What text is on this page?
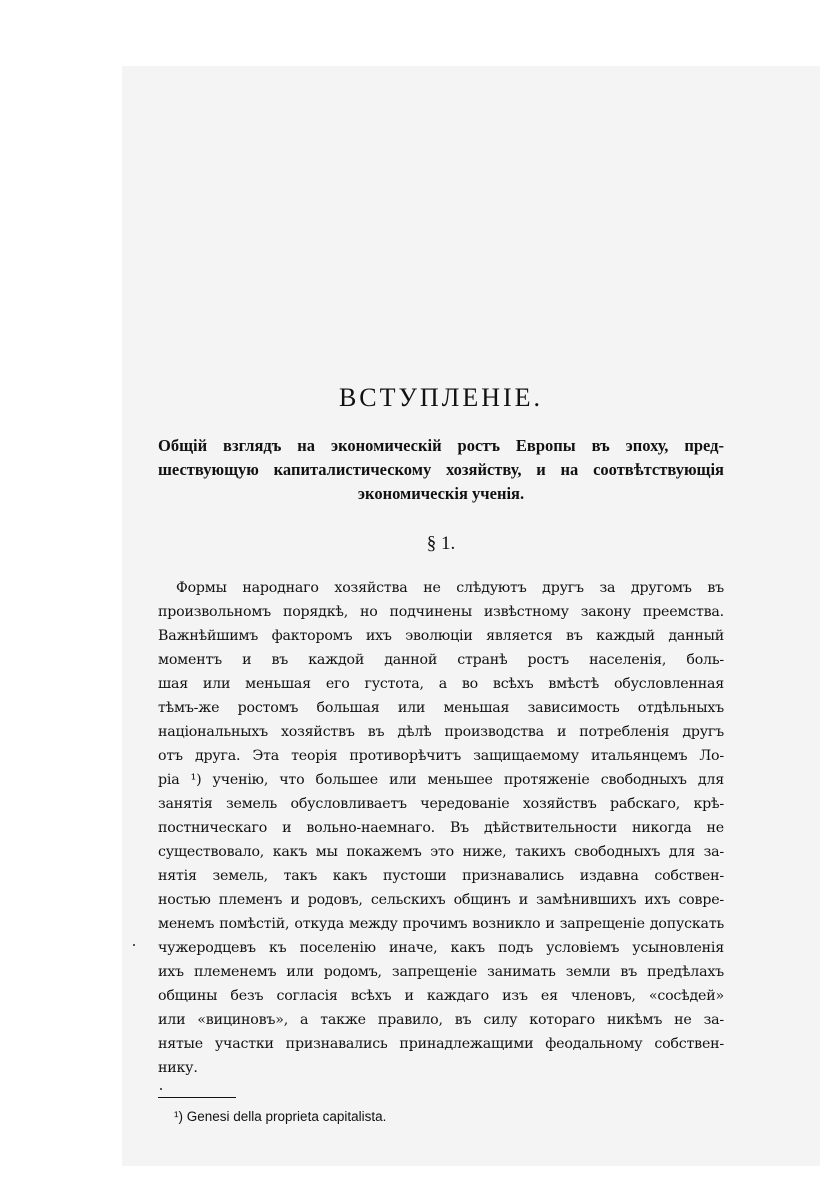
ВСТУПЛЕНІЕ.

Общій взглядъ на экономическій ростъ Европы въ эпоху, пред-
шествующую капиталистическому хозяйству, и на соотвѣтствующія
экономическія ученія.

§ 1.

Формы народнаго хозяйства не слѣдуютъ другъ за другомъ въ
произвольномъ порядкѣ, но подчинены извѣстному закону преемства.
Важнѣйшимъ факторомъ ихъ эволюціи является въ каждый данный
моментъ и въ каждой данной странѣ ростъ населенія, боль-
шая или меньшая его густота, а во всѣхъ вмѣстѣ обусловленная
тѣмъ-же ростомъ большая или меньшая зависимость отдѣльныхъ
національныхъ хозяйствъ въ дѣлѣ производства и потребленія другъ
отъ друга. Эта теорія противорѣчитъ защищаемому итальянцемъ Ло-
ріа ¹) ученію, что большее или меньшее протяженіе свободныхъ для
занятія земель обусловливаетъ чередованіе хозяйствъ рабскаго, крѣ-
постническаго и вольно-наемнаго. Въ дѣйствительности никогда не
существовало, какъ мы покажемъ это ниже, такихъ свободныхъ для за-
нятія земель, такъ какъ пустоши признавались издавна собствен-
ностью племенъ и родовъ, сельскихъ общинъ и замѣнившихъ ихъ совре-
менемъ помѣстій, откуда между прочимъ возникло и запрещеніе допускать
чужеродцевъ къ поселенію иначе, какъ подъ условіемъ усыновленія
ихъ племенемъ или родомъ, запрещеніе занимать земли въ предѣлахъ
общины безъ согласія всѣхъ и каждаго изъ ея членовъ, «сосѣдей»
или «вициновъ», а также правило, въ силу котораго никѣмъ не за-
нятые участки признавались принадлежащими феодальному собствен-
нику.

¹) Genesi della proprieta capitalista.
